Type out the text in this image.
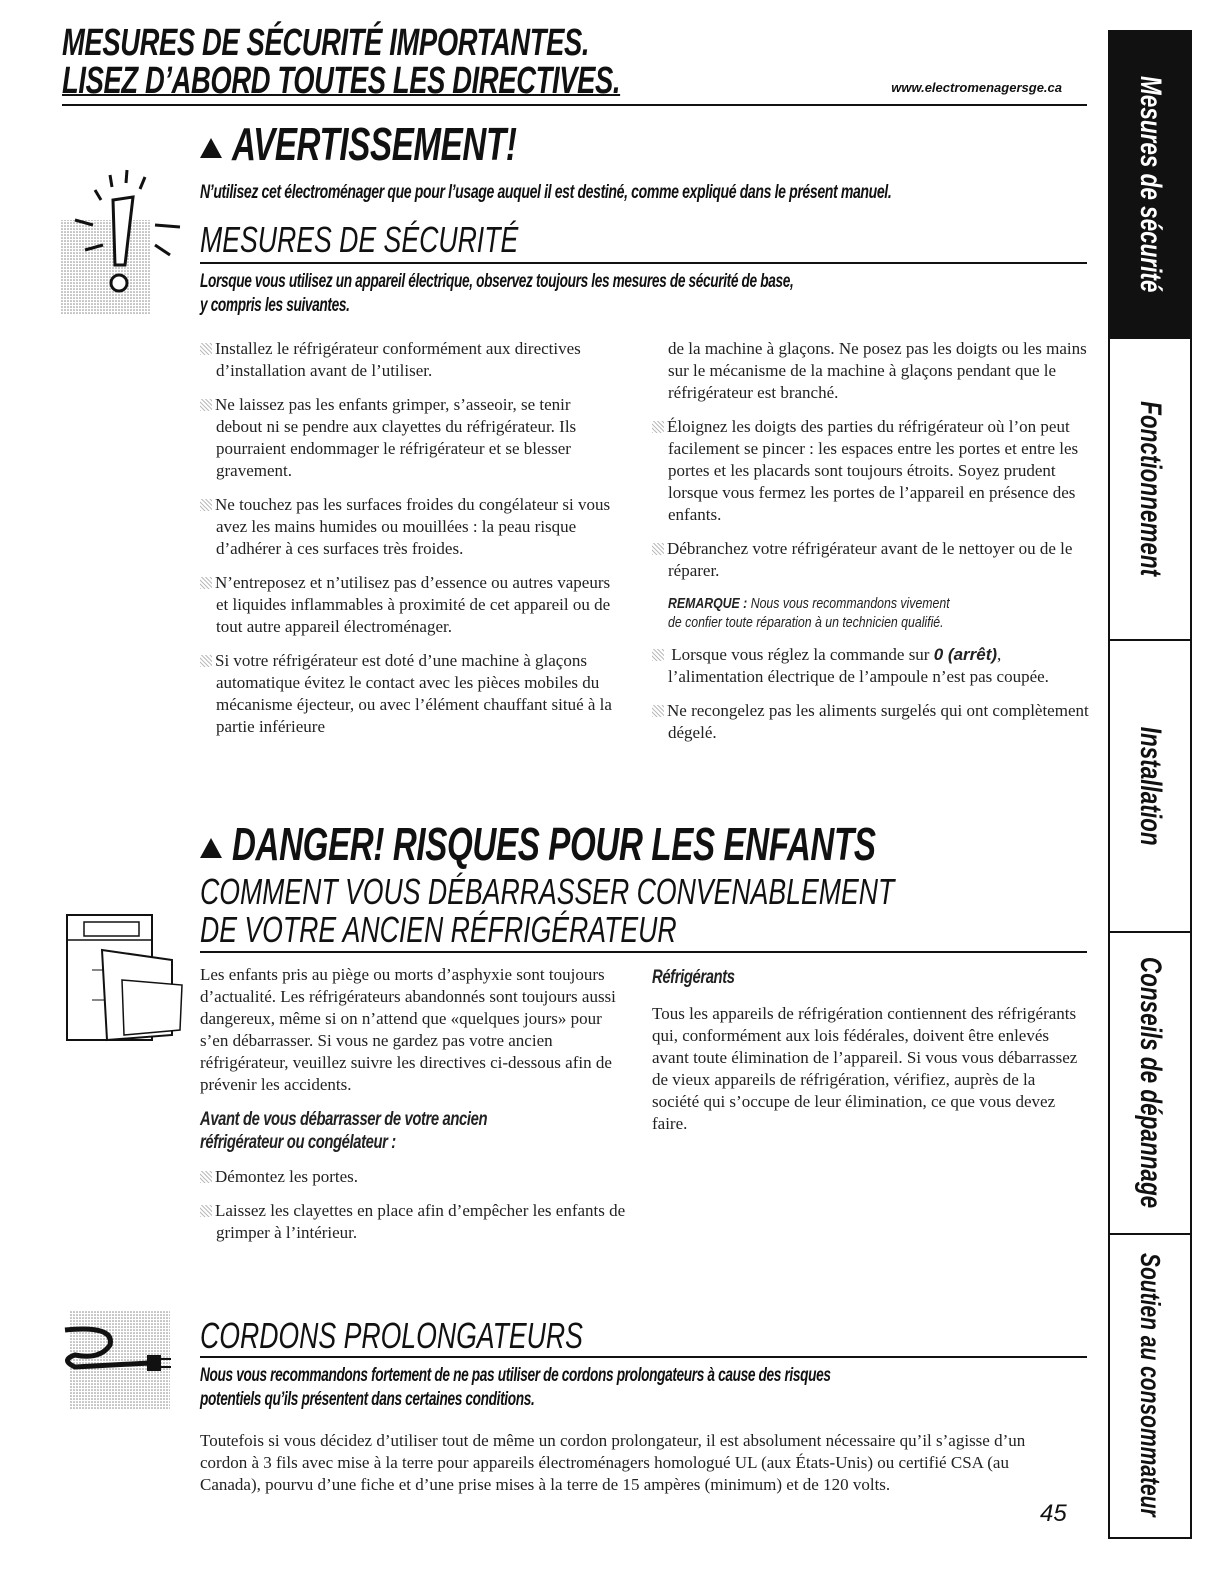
MESURES DE SÉCURITÉ IMPORTANTES.
LISEZ D’ABORD TOUTES LES DIRECTIVES.	www.electromenagersge.ca
AVERTISSEMENT!
N’utilisez cet électroménager que pour l’usage auquel il est destiné, comme expliqué dans le présent manuel.
MESURES DE SÉCURITÉ
Lorsque vous utilisez un appareil électrique, observez toujours les mesures de sécurité de base,
y compris les suivantes.

Installez le réfrigérateur conformément aux directives d’installation avant de l’utiliser.

Ne laissez pas les enfants grimper, s’asseoir, se tenir debout ni se pendre aux clayettes du réfrigérateur. Ils pourraient endommager le réfrigérateur et se blesser gravement.

Ne touchez pas les surfaces froides du congélateur si vous avez les mains humides ou mouillées : la peau risque d’adhérer à ces surfaces très froides.

N’entreposez et n’utilisez pas d’essence ou autres vapeurs et liquides inflammables à proximité de cet appareil ou de tout autre appareil électroménager.

Si votre réfrigérateur est doté d’une machine à glaçons automatique évitez le contact avec les pièces mobiles du mécanisme éjecteur, ou avec l’élément chauffant situé à la partie inférieure

de la machine à glaçons. Ne posez pas les doigts ou les mains sur le mécanisme de la machine à glaçons pendant que le réfrigérateur est branché.

Éloignez les doigts des parties du réfrigérateur où l’on peut facilement se pincer : les espaces entre les portes et entre les portes et les placards sont toujours étroits. Soyez prudent lorsque vous fermez les portes de l’appareil en présence des enfants.

Débranchez votre réfrigérateur avant de le nettoyer ou de le réparer.

REMARQUE : Nous vous recommandons vivement
de confier toute réparation à un technicien qualifié.

Lorsque vous réglez la commande sur 0 (arrêt), l’alimentation électrique de l’ampoule n’est pas coupée.

Ne recongelez pas les aliments surgelés qui ont complètement dégelé.

DANGER! RISQUES POUR LES ENFANTS
COMMENT VOUS DÉBARRASSER CONVENABLEMENT
DE VOTRE ANCIEN RÉFRIGÉRATEUR

Les enfants pris au piège ou morts d’asphyxie sont toujours d’actualité. Les réfrigérateurs abandonnés sont toujours aussi dangereux, même si on n’attend que «quelques jours» pour s’en débarrasser. Si vous ne gardez pas votre ancien réfrigérateur, veuillez suivre les directives ci-dessous afin de prévenir les accidents.

Avant de vous débarrasser de votre ancien
réfrigérateur ou congélateur :

Démontez les portes.

Laissez les clayettes en place afin d’empêcher les enfants de grimper à l’intérieur.

Réfrigérants

Tous les appareils de réfrigération contiennent des réfrigérants qui, conformément aux lois fédérales, doivent être enlevés avant toute élimination de l’appareil. Si vous vous débarrassez de vieux appareils de réfrigération, vérifiez, auprès de la société qui s’occupe de leur élimination, ce que vous devez faire.

CORDONS PROLONGATEURS
Nous vous recommandons fortement de ne pas utiliser de cordons prolongateurs à cause des risques
potentiels qu’ils présentent dans certaines conditions.
Toutefois si vous décidez d’utiliser tout de même un cordon prolongateur, il est absolument nécessaire qu’il s’agisse d’un cordon à 3 fils avec mise à la terre pour appareils électroménagers homologué UL (aux États-Unis) ou certifié CSA (au Canada), pourvu d’une fiche et d’une prise mises à la terre de 15 ampères (minimum) et de 120 volts.
45
Mesures de sécurité
Fonctionnement
Installation
Conseils de dépannage
Soutien au consommateur
